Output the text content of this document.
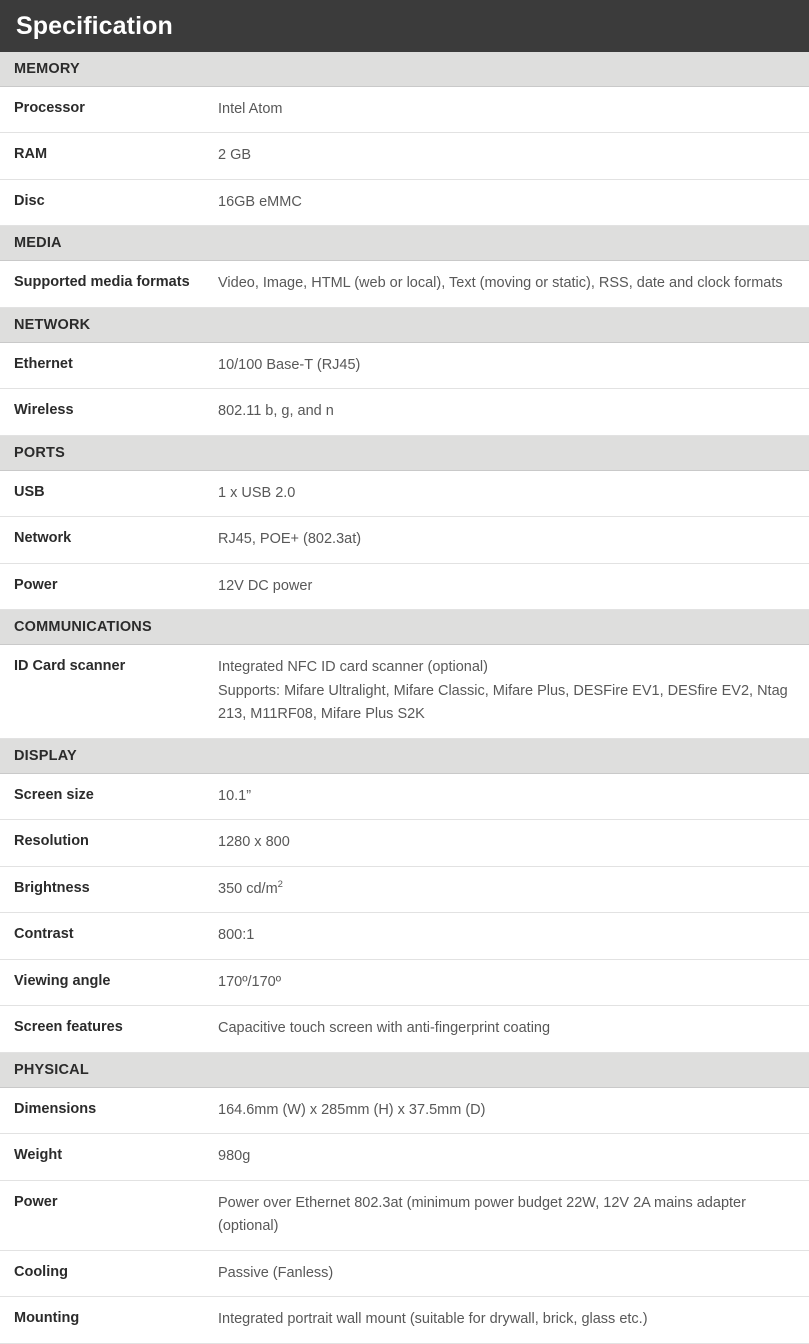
Specification	
MEMORY	
Processor	Intel Atom

RAM	2 GB

Disc	16GB eMMC

MEDIA	
Supported media formats	Video, Image, HTML (web or local), Text (moving or static), RSS, date and clock formats

NETWORK	
Ethernet	10/100 Base-T (RJ45)

Wireless	802.11 b, g, and n

PORTS	
USB	1 x USB 2.0

Network	RJ45, POE+ (802.3at)

Power	12V DC power

COMMUNICATIONS	
ID Card scanner	Integrated NFC ID card scanner (optional)
Supports: Mifare Ultralight, Mifare Classic, Mifare Plus, DESFire EV1, DESfire EV2, Ntag 213, M11RF08, Mifare Plus S2K

DISPLAY	
Screen size	10.1”

Resolution	1280 x 800

Brightness	350 $cd/m^2$

Contrast	800:1

Viewing angle	170º/170º

Screen features	Capacitive touch screen with anti-fingerprint coating

PHYSICAL	
Dimensions	164.6mm (W) x 285mm (H) x 37.5mm (D)

Weight	980g

Power	Power over Ethernet 802.3at (minimum power budget 22W, 12V 2A mains adapter (optional)

Cooling	Passive (Fanless)

Mounting	Integrated portrait wall mount (suitable for drywall, brick, glass etc.)
